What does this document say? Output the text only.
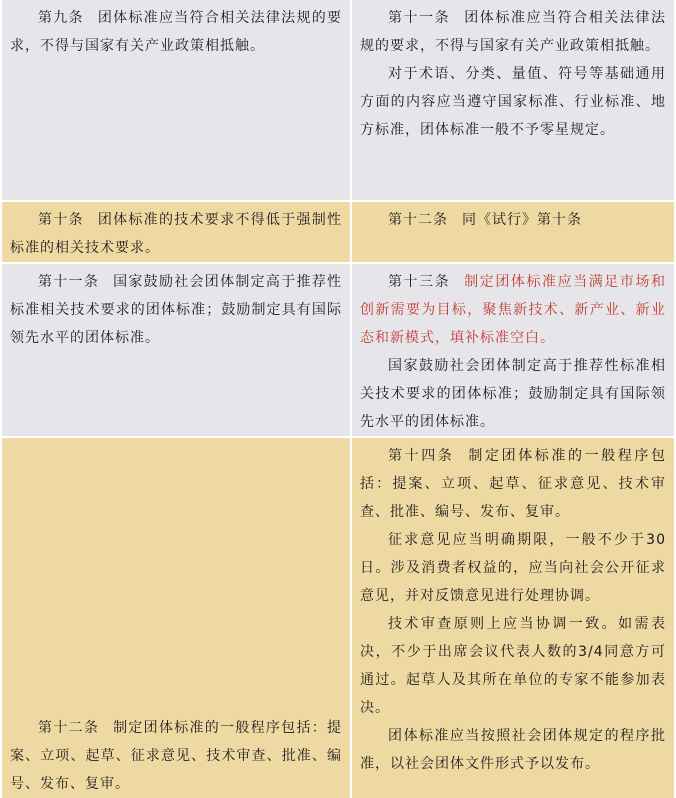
第九条 团体标准应当符合相关法律法规的要求，不得与国家有关产业政策相抵触。	第十一条 团体标准应当符合相关法律法规的要求，不得与国家有关产业政策相抵触。

对于术语、分类、量值、符号等基础通用方面的内容应当遵守国家标准、行业标准、地方标准，团体标准一般不予零星规定。

第十条 团体标准的技术要求不得低于强制性标准的相关技术要求。	第十二条 同《试行》第十条

第十一条 国家鼓励社会团体制定高于推荐性标准相关技术要求的团体标准；鼓励制定具有国际领先水平的团体标准。	第十三条 制定团体标准应当满足市场和创新需要为目标，聚焦新技术、新产业、新业态和新模式，填补标准空白。

国家鼓励社会团体制定高于推荐性标准相关技术要求的团体标准；鼓励制定具有国际领先水平的团体标准。

第十二条 制定团体标准的一般程序包括：提案、立项、起草、征求意见、技术审查、批准、编号、发布、复审。	第十四条 制定团体标准的一般程序包括：提案、立项、起草、征求意见、技术审查、批准、编号、发布、复审。

征求意见应当明确期限，一般不少于30日。涉及消费者权益的，应当向社会公开征求意见，并对反馈意见进行处理协调。

技术审查原则上应当协调一致。如需表决，不少于出席会议代表人数的3/4同意方可通过。起草人及其所在单位的专家不能参加表决。

团体标准应当按照社会团体规定的程序批准，以社会团体文件形式予以发布。
